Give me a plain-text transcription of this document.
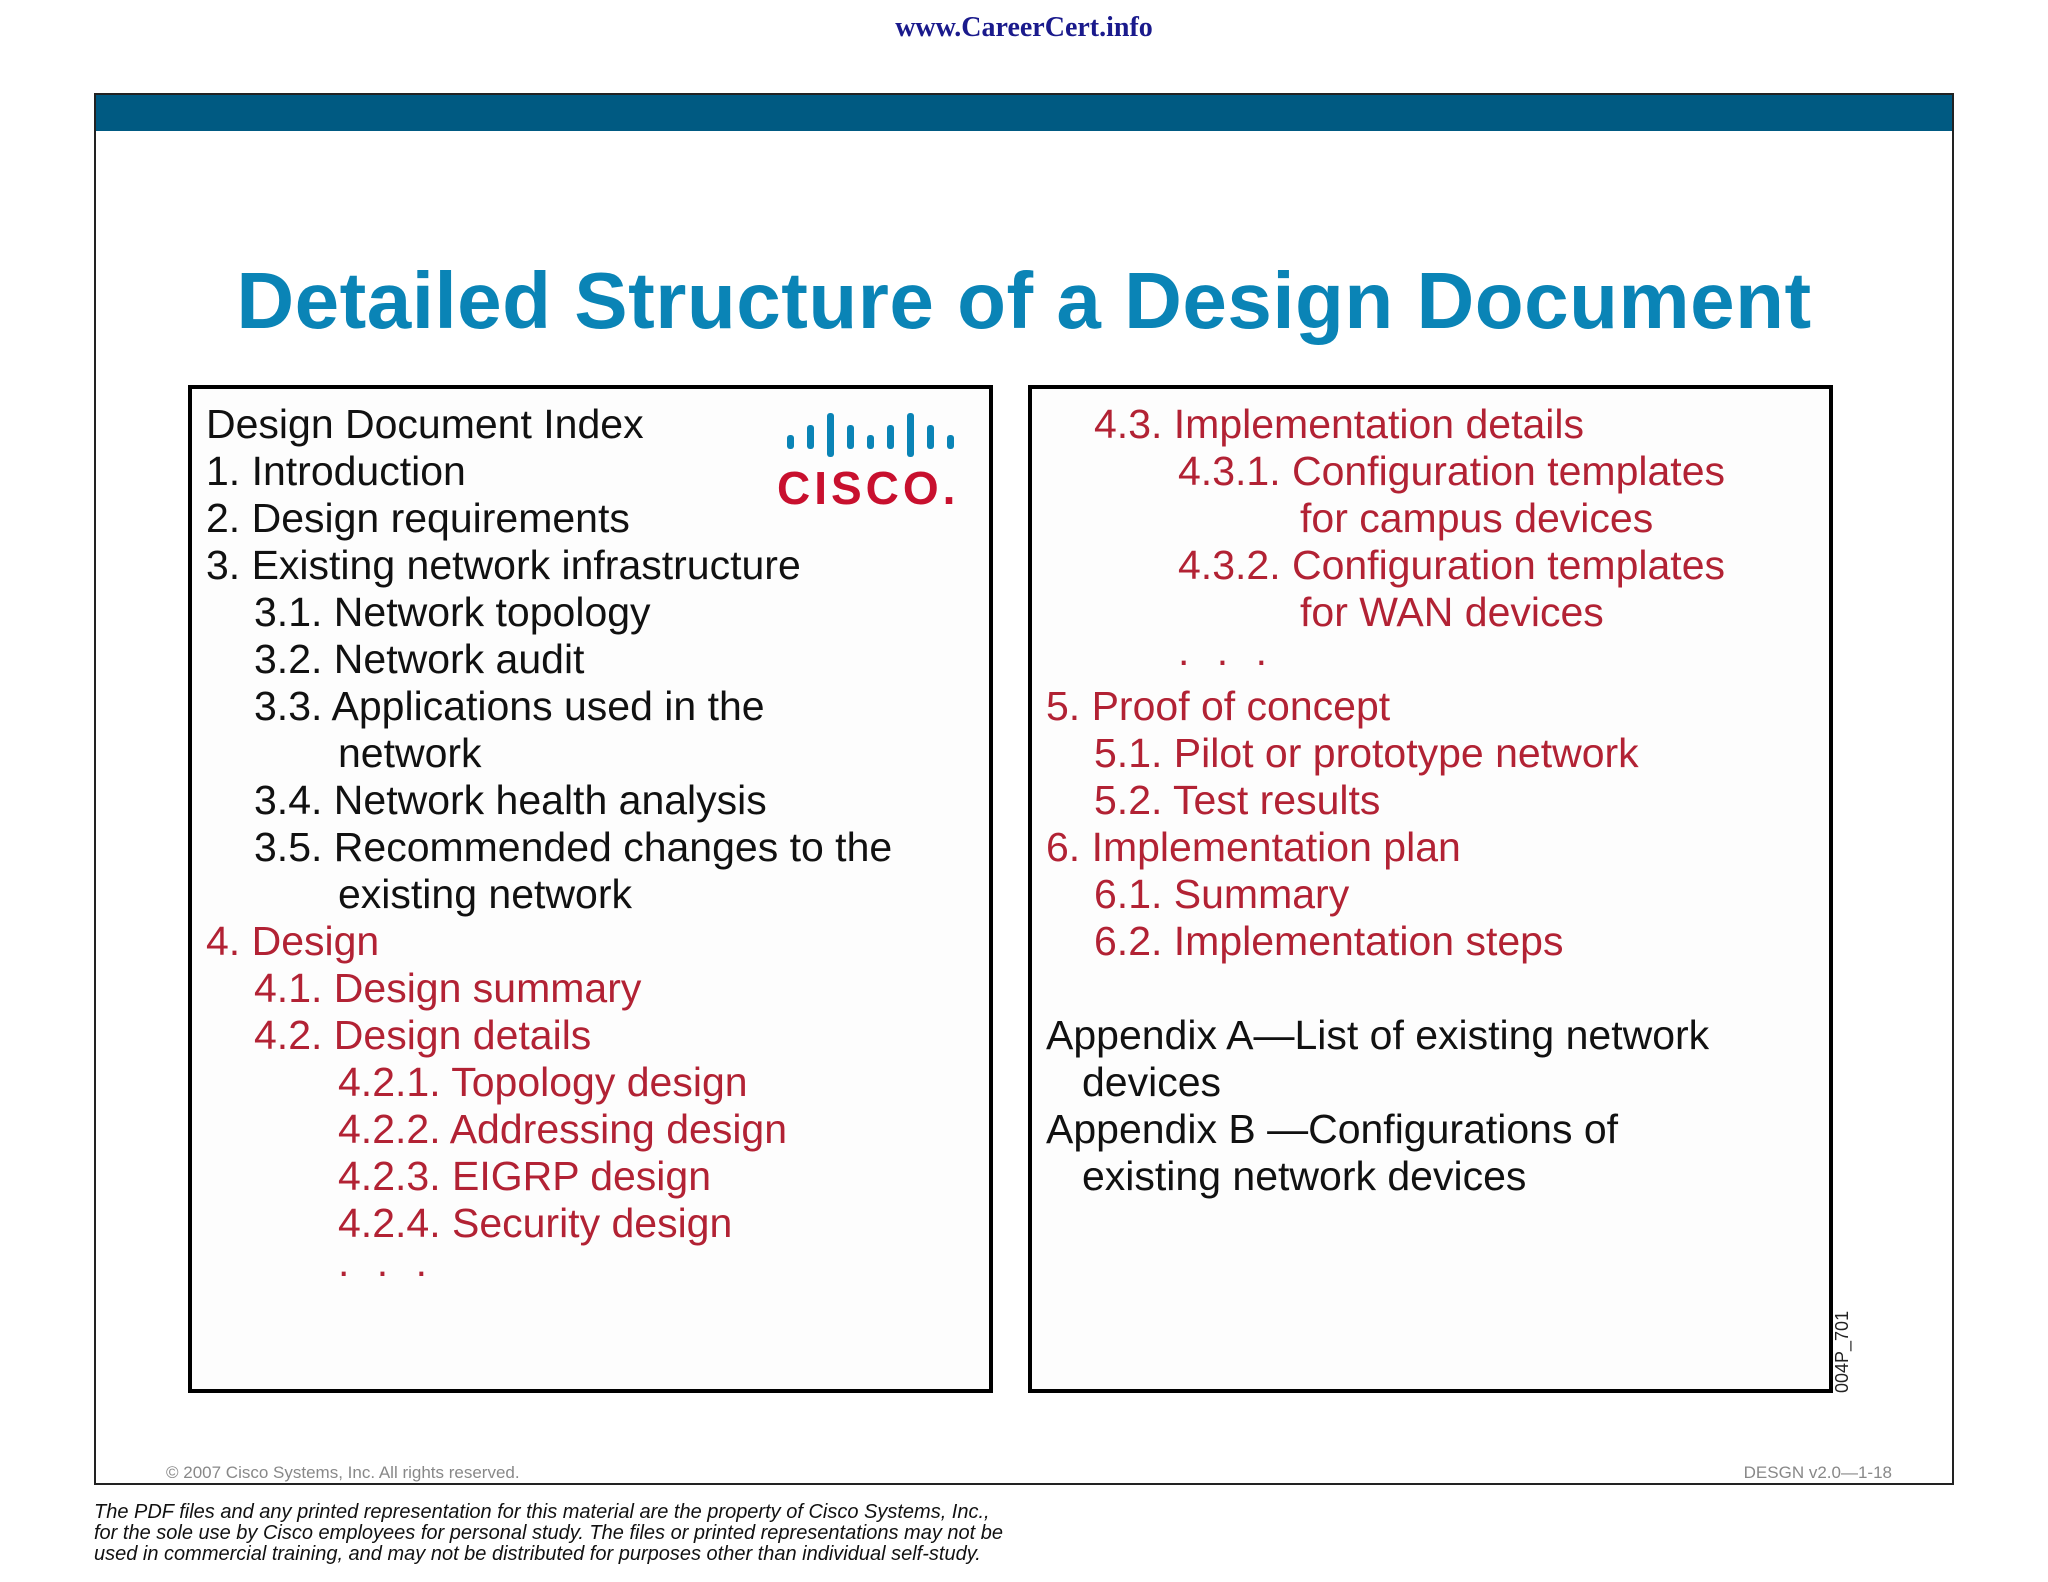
www.CareerCert.info
Detailed Structure of a Design Document
CISCO.
Design Document Index
1. Introduction
2. Design requirements
3. Existing network infrastructure
3.1. Network topology
3.2. Network audit
3.3. Applications used in the
network
3.4. Network health analysis
3.5. Recommended changes to the
existing network
4. Design
4.1. Design summary
4.2. Design details
4.2.1. Topology design
4.2.2. Addressing design
4.2.3. EIGRP design
4.2.4. Security design
. . .
4.3. Implementation details
4.3.1. Configuration templates
for campus devices
4.3.2. Configuration templates
for WAN devices
. . .
5. Proof of concept
5.1. Pilot or prototype network
5.2. Test results
6. Implementation plan
6.1. Summary
6.2. Implementation steps
Appendix A—List of existing network
devices
Appendix B —Configurations of
existing network devices
004P_701
© 2007 Cisco Systems, Inc. All rights reserved.	DESGN v2.0—1-18
The PDF files and any printed representation for this material are the property of Cisco Systems, Inc.,
for the sole use by Cisco employees for personal study. The files or printed representations may not be
used in commercial training, and may not be distributed for purposes other than individual self-study.
